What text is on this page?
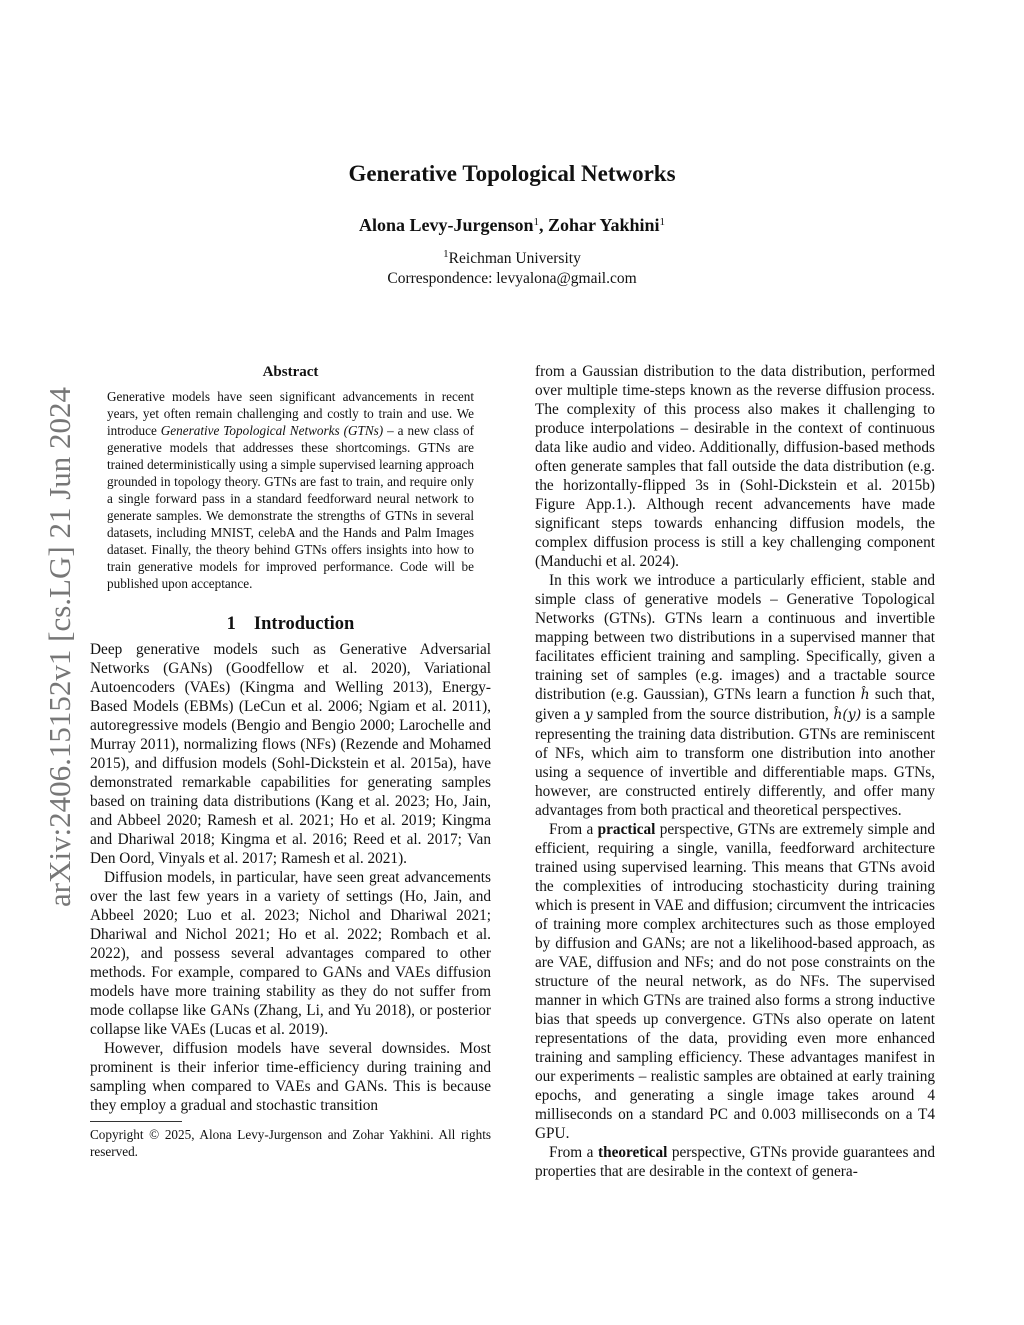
Generative Topological Networks
Alona Levy-Jurgenson$^1$, Zohar Yakhini$^1$
$^1$Reichman University
Correspondence: levyalona@gmail.com
arXiv:2406.15152v1 [cs.LG] 21 Jun 2024
Abstract
Generative models have seen significant advancements in recent years, yet often remain challenging and costly to train and use. We introduce Generative Topological Networks (GTNs) – a new class of generative models that addresses these shortcomings. GTNs are trained deterministically using a simple supervised learning approach grounded in topology theory. GTNs are fast to train, and require only a single forward pass in a standard feedforward neural network to generate samples. We demonstrate the strengths of GTNs in several datasets, including MNIST, celebA and the Hands and Palm Images dataset. Finally, the theory behind GTNs offers insights into how to train generative models for improved performance. Code will be published upon acceptance.
1 Introduction

Deep generative models such as Generative Adversarial Networks (GANs) (Goodfellow et al. 2020), Variational Autoencoders (VAEs) (Kingma and Welling 2013), Energy-Based Models (EBMs) (LeCun et al. 2006; Ngiam et al. 2011), autoregressive models (Bengio and Bengio 2000; Larochelle and Murray 2011), normalizing flows (NFs) (Rezende and Mohamed 2015), and diffusion models (Sohl-Dickstein et al. 2015a), have demonstrated remarkable capabilities for generating samples based on training data distributions (Kang et al. 2023; Ho, Jain, and Abbeel 2020; Ramesh et al. 2021; Ho et al. 2019; Kingma and Dhariwal 2018; Kingma et al. 2016; Reed et al. 2017; Van Den Oord, Vinyals et al. 2017; Ramesh et al. 2021).

Diffusion models, in particular, have seen great advancements over the last few years in a variety of settings (Ho, Jain, and Abbeel 2020; Luo et al. 2023; Nichol and Dhariwal 2021; Dhariwal and Nichol 2021; Ho et al. 2022; Rombach et al. 2022), and possess several advantages compared to other methods. For example, compared to GANs and VAEs diffusion models have more training stability as they do not suffer from mode collapse like GANs (Zhang, Li, and Yu 2018), or posterior collapse like VAEs (Lucas et al. 2019).

However, diffusion models have several downsides. Most prominent is their inferior time-efficiency during training and sampling when compared to VAEs and GANs. This is because they employ a gradual and stochastic transition

Copyright © 2025, Alona Levy-Jurgenson and Zohar Yakhini. All rights reserved.

from a Gaussian distribution to the data distribution, performed over multiple time-steps known as the reverse diffusion process. The complexity of this process also makes it challenging to produce interpolations – desirable in the context of continuous data like audio and video. Additionally, diffusion-based methods often generate samples that fall outside the data distribution (e.g. the horizontally-flipped 3s in (Sohl-Dickstein et al. 2015b) Figure App.1.). Although recent advancements have made significant steps towards enhancing diffusion models, the complex diffusion process is still a key challenging component (Manduchi et al. 2024).

In this work we introduce a particularly efficient, stable and simple class of generative models – Generative Topological Networks (GTNs). GTNs learn a continuous and invertible mapping between two distributions in a supervised manner that facilitates efficient training and sampling. Specifically, given a training set of samples (e.g. images) and a tractable source distribution (e.g. Gaussian), GTNs learn a function ĥ such that, given a y sampled from the source distribution, ĥ(y) is a sample representing the training data distribution. GTNs are reminiscent of NFs, which aim to transform one distribution into another using a sequence of invertible and differentiable maps. GTNs, however, are constructed entirely differently, and offer many advantages from both practical and theoretical perspectives.

From a practical perspective, GTNs are extremely simple and efficient, requiring a single, vanilla, feedforward architecture trained using supervised learning. This means that GTNs avoid the complexities of introducing stochasticity during training which is present in VAE and diffusion; circumvent the intricacies of training more complex architectures such as those employed by diffusion and GANs; are not a likelihood-based approach, as are VAE, diffusion and NFs; and do not pose constraints on the structure of the neural network, as do NFs. The supervised manner in which GTNs are trained also forms a strong inductive bias that speeds up convergence. GTNs also operate on latent representations of the data, providing even more enhanced training and sampling efficiency. These advantages manifest in our experiments – realistic samples are obtained at early training epochs, and generating a single image takes around 4 milliseconds on a standard PC and 0.003 milliseconds on a T4 GPU.

From a theoretical perspective, GTNs provide guarantees and properties that are desirable in the context of genera-
